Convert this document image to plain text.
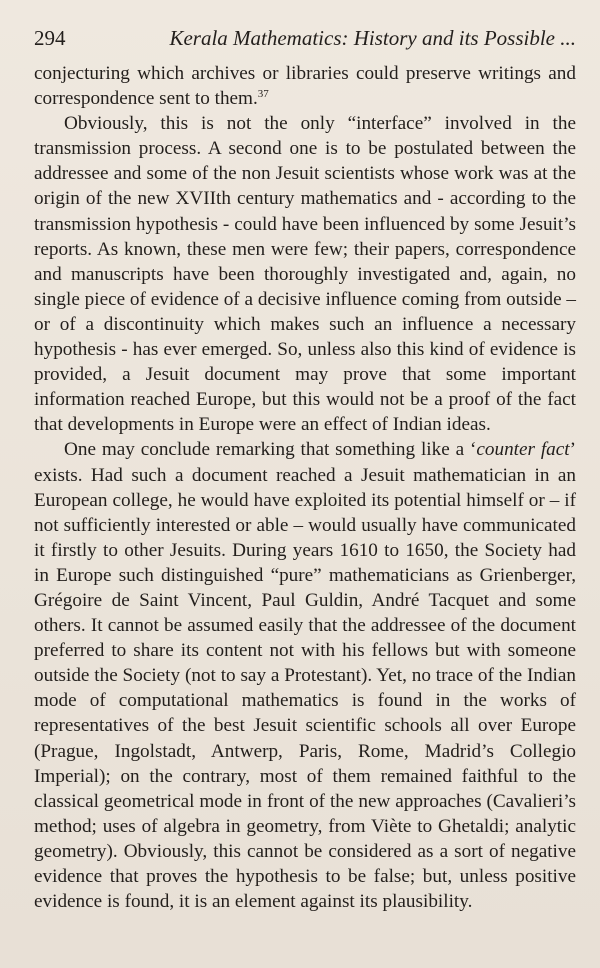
294	Kerala Mathematics: History and its Possible ...

conjecturing which archives or libraries could preserve writings and correspondence sent to them.$^{37}$

Obviously, this is not the only “interface” involved in the transmission process. A second one is to be postulated between the addressee and some of the non Jesuit scientists whose work was at the origin of the new XVIIth century mathematics and - according to the transmission hypothesis - could have been influenced by some Jesuit’s reports. As known, these men were few; their papers, correspondence and manuscripts have been thoroughly investigated and, again, no single piece of evidence of a decisive influence coming from outside – or of a discontinuity which makes such an influence a necessary hypothesis - has ever emerged. So, unless also this kind of evidence is provided, a Jesuit document may prove that some important information reached Europe, but this would not be a proof of the fact that developments in Europe were an effect of Indian ideas.

One may conclude remarking that something like a ‘counter fact’ exists. Had such a document reached a Jesuit mathematician in an European college, he would have exploited its potential himself or – if not sufficiently interested or able – would usually have communicated it firstly to other Jesuits. During years 1610 to 1650, the Society had in Europe such distinguished “pure” mathematicians as Grienberger, Grégoire de Saint Vincent, Paul Guldin, André Tacquet and some others. It cannot be assumed easily that the addressee of the document preferred to share its content not with his fellows but with someone outside the Society (not to say a Protestant). Yet, no trace of the Indian mode of computational mathematics is found in the works of representatives of the best Jesuit scientific schools all over Europe (Prague, Ingolstadt, Antwerp, Paris, Rome, Madrid’s Collegio Imperial); on the contrary, most of them remained faithful to the classical geometrical mode in front of the new approaches (Cavalieri’s method; uses of algebra in geometry, from Viète to Ghetaldi; analytic geometry). Obviously, this cannot be considered as a sort of negative evidence that proves the hypothesis to be false; but, unless positive evidence is found, it is an element against its plausibility.
